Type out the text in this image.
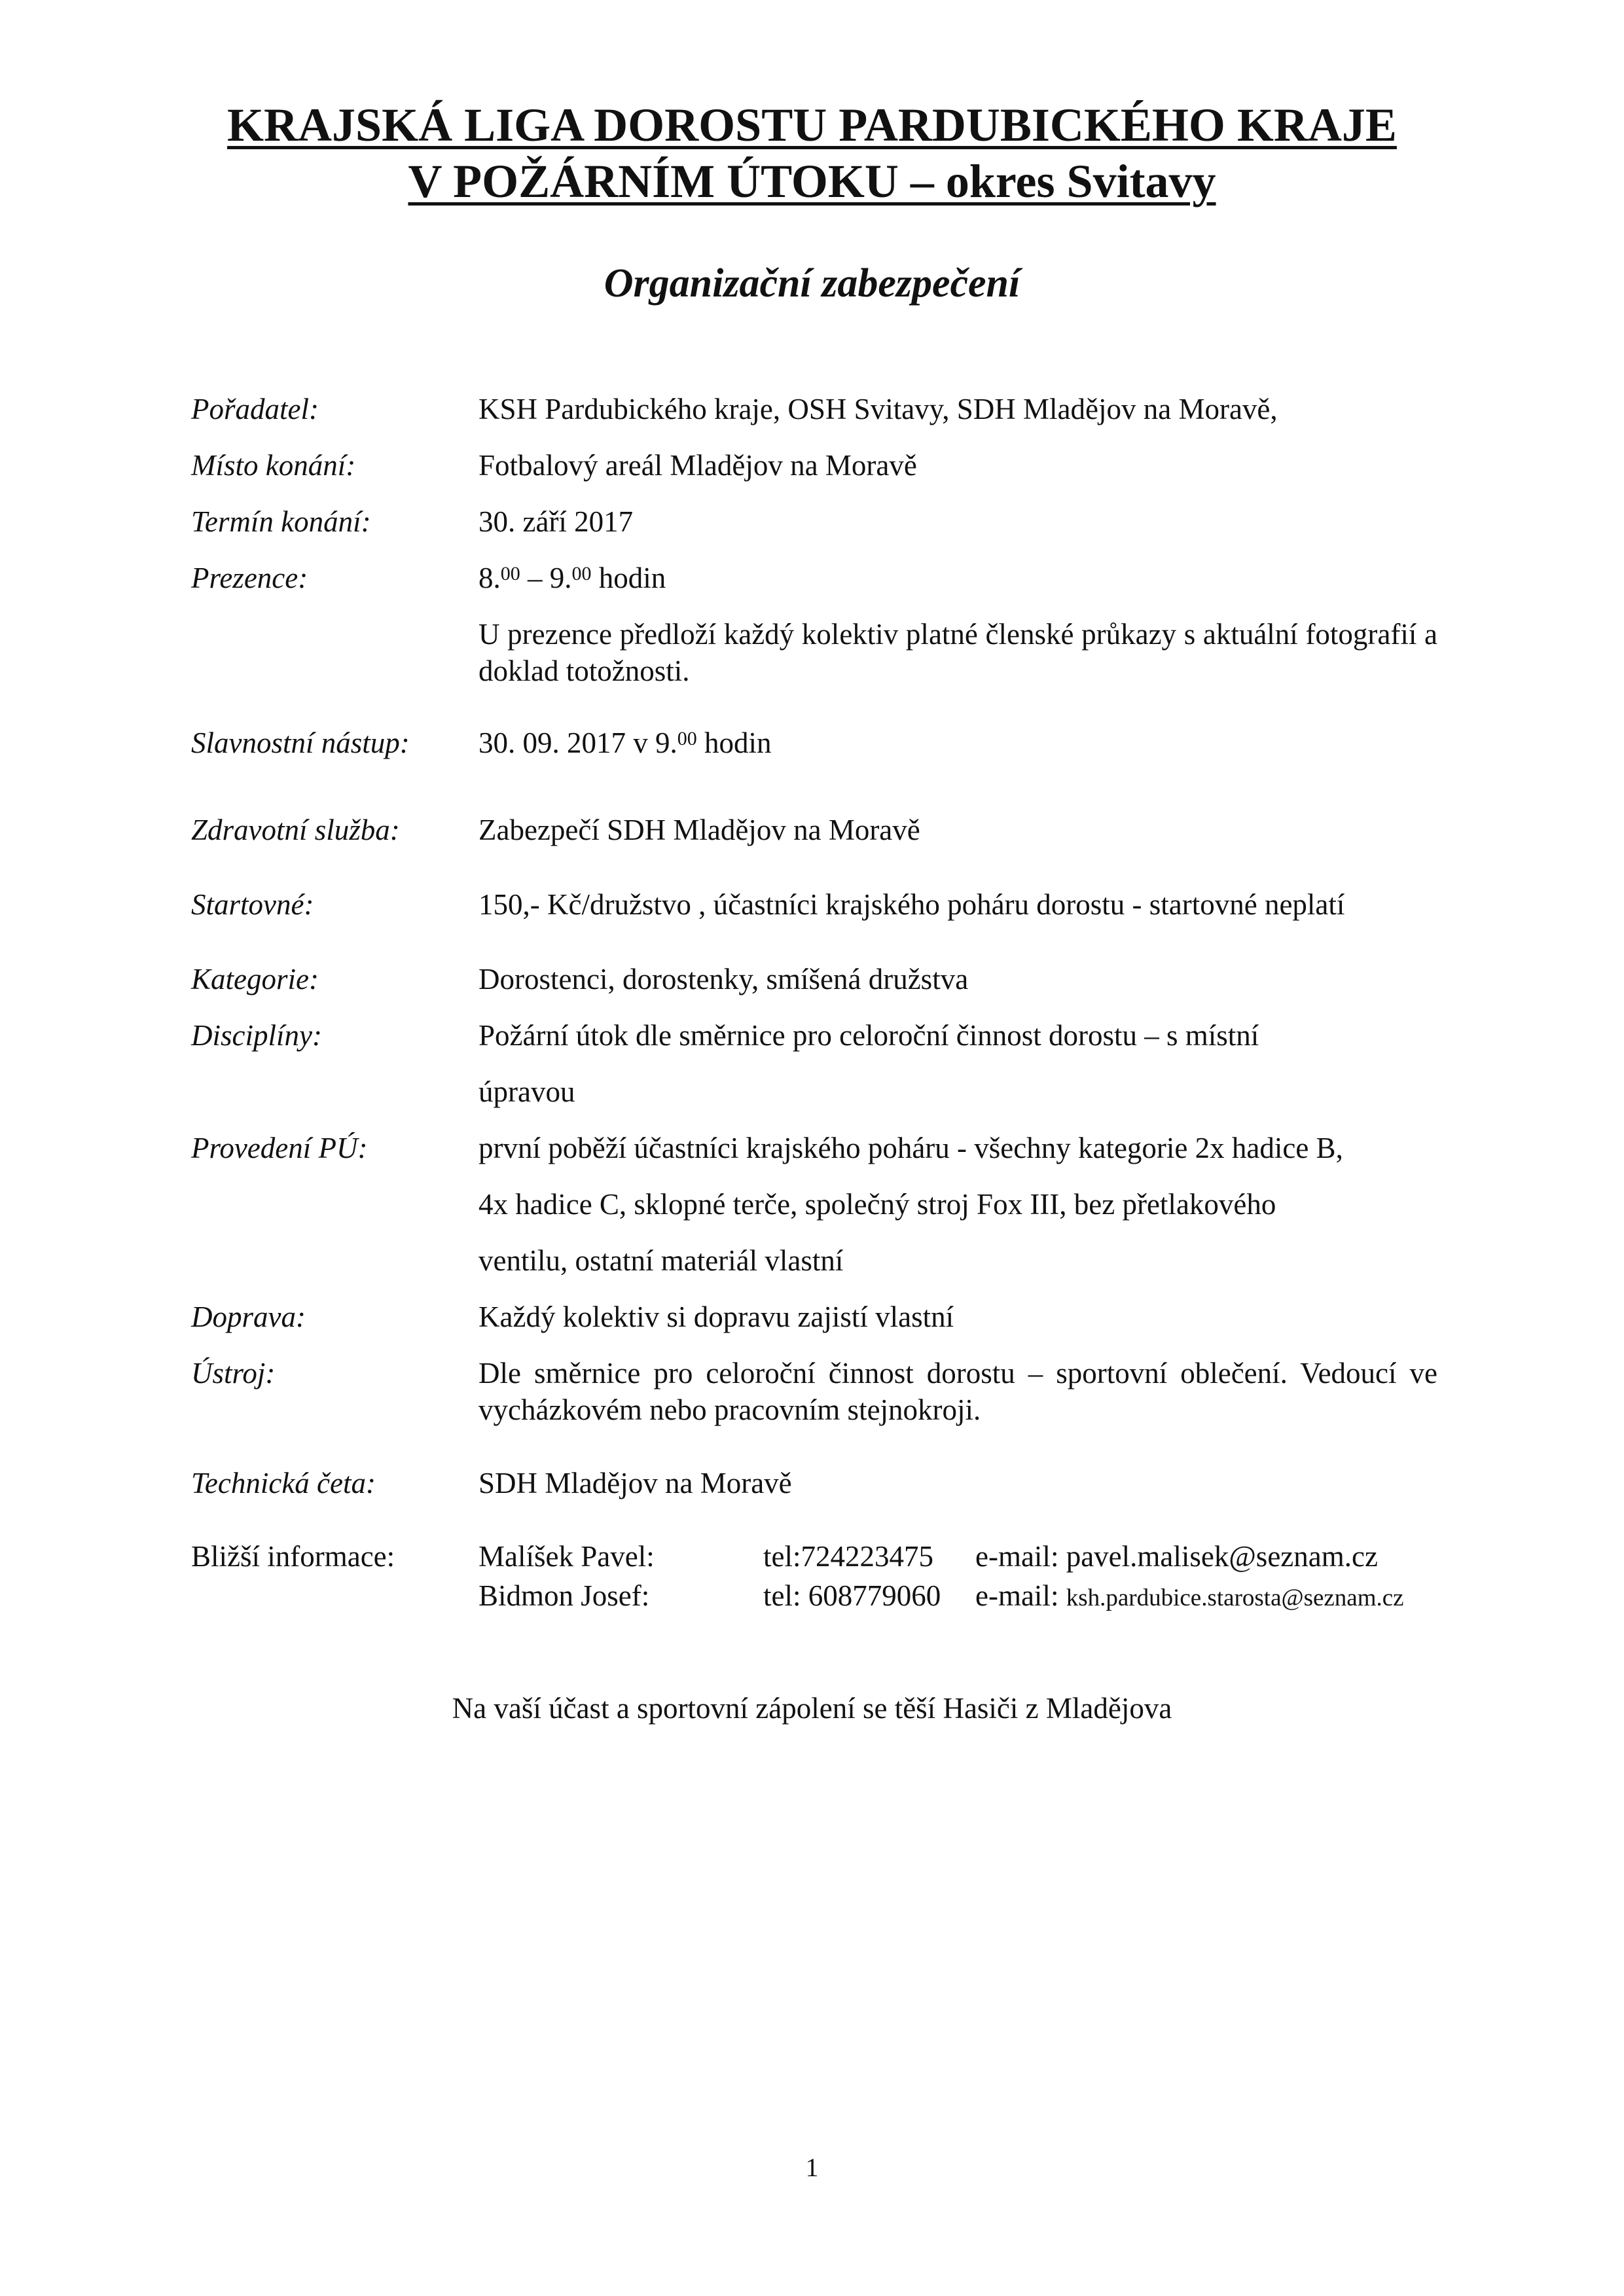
KRAJSKÁ LIGA DOROSTU PARDUBICKÉHO KRAJE
V POŽÁRNÍM ÚTOKU – okres Svitavy
Organizační zabezpečení
Pořadatel:	KSH Pardubického kraje, OSH Svitavy, SDH Mladějov na Moravě,
Místo konání:	Fotbalový areál Mladějov na Moravě
Termín konání:	30. září 2017
Prezence:	8.00 – 9.00 hodin
U prezence předloží každý kolektiv platné členské průkazy s aktuální fotografií a doklad totožnosti.
Slavnostní nástup: 30. 09. 2017 v 9.00 hodin
Zdravotní služba:	Zabezpečí SDH Mladějov na Moravě
Startovné:	150,- Kč/družstvo , účastníci krajského poháru dorostu - startovné neplatí
Kategorie:	Dorostenci, dorostenky, smíšená družstva
Disciplíny:	Požární útok dle směrnice pro celoroční činnost dorostu – s místní
úpravou
Provedení PÚ:	první poběží účastníci krajského poháru - všechny kategorie 2x hadice B,
4x hadice C, sklopné terče, společný stroj Fox III, bez přetlakového
ventilu, ostatní materiál vlastní
Doprava:	Každý kolektiv si dopravu zajistí vlastní
Ústroj:	Dle směrnice pro celoroční činnost dorostu – sportovní oblečení. Vedoucí ve vycházkovém nebo pracovním stejnokroji.
Technická četa:	SDH Mladějov na Moravě
Bližší informace:	Malíšek Pavel:	tel:724223475 e-mail: pavel.malisek@seznam.cz
Bidmon Josef:	tel: 608779060 e-mail: ksh.pardubice.starosta@seznam.cz
Na vaší účast a sportovní zápolení se těší Hasiči z Mladějova
1
